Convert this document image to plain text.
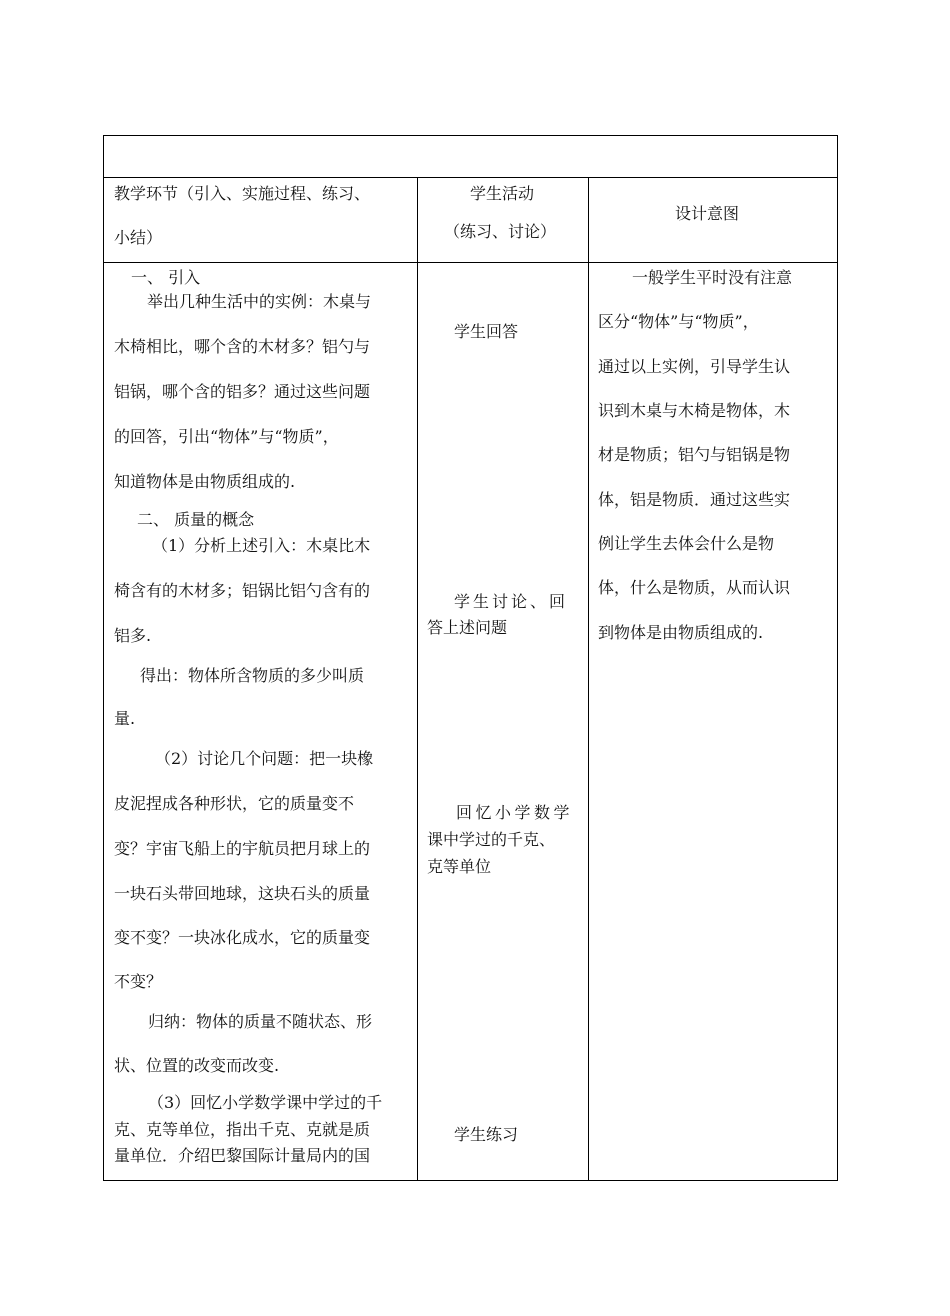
教学环节（引入、实施过程、练习、
小结）
学生活动
（练习、讨论）
设计意图
一、 引入
举出几种生活中的实例：木桌与
木椅相比，哪个含的木材多？铝勺与
铝锅，哪个含的铝多？通过这些问题
的回答，引出“物体”与“物质”，
知道物体是由物质组成的.
二、 质量的概念
（1）分析上述引入：木桌比木
椅含有的木材多；铝锅比铝勺含有的
铝多.
得出：物体所含物质的多少叫质
量.
（2）讨论几个问题：把一块橡
皮泥捏成各种形状，它的质量变不
变？宇宙飞船上的宇航员把月球上的
一块石头带回地球，这块石头的质量
变不变？一块冰化成水，它的质量变
不变？
归纳：物体的质量不随状态、形
状、位置的改变而改变.
（3）回忆小学数学课中学过的千
克、克等单位，指出千克、克就是质
量单位．介绍巴黎国际计量局内的国
学生回答
学生讨论、回
答上述问题
回忆小学数学
课中学过的千克、
克等单位
学生练习
一般学生平时没有注意
区分“物体”与“物质”，
通过以上实例，引导学生认
识到木桌与木椅是物体，木
材是物质；铝勺与铝锅是物
体，铝是物质．通过这些实
例让学生去体会什么是物
体，什么是物质，从而认识
到物体是由物质组成的.
